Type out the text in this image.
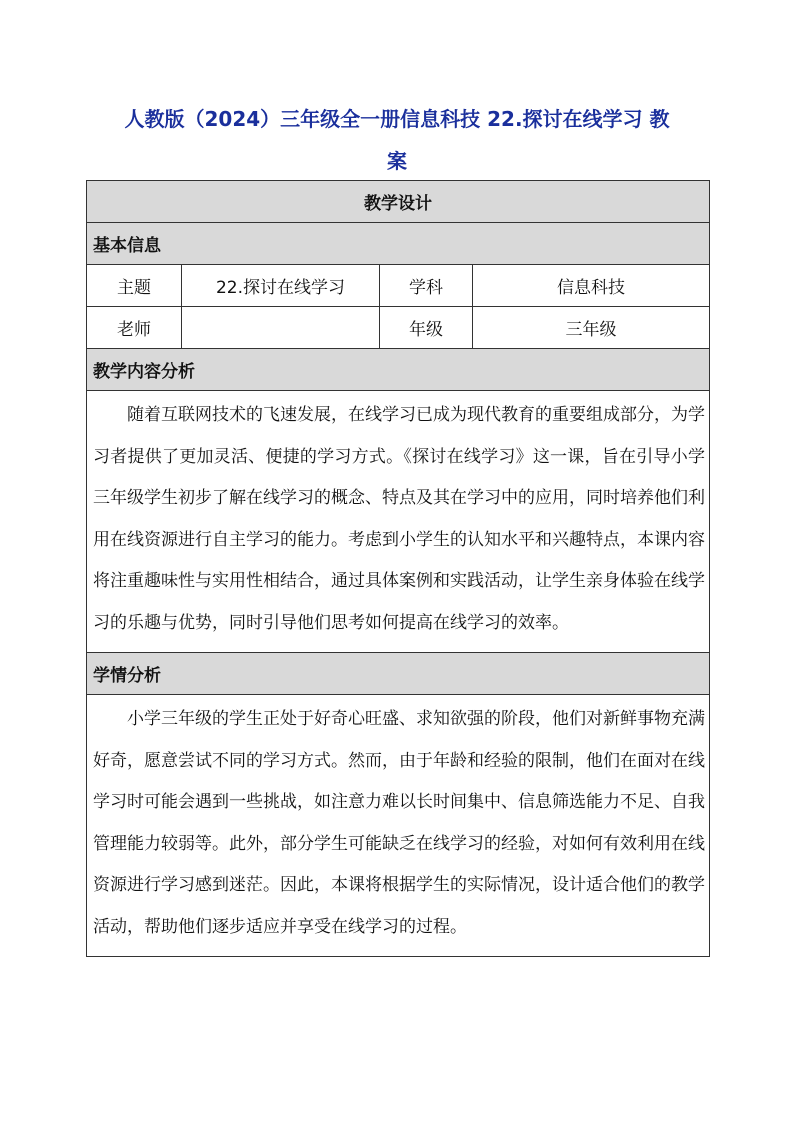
人教版（2024）三年级全一册信息科技 22.探讨在线学习 教

案

教学设计			
基本信息			
主题	22.探讨在线学习	学科	信息科技
老师		年级	三年级
教学内容分析			
随着互联网技术的飞速发展，在线学习已成为现代教育的重要组成部分，为学习者提供了更加灵活、便捷的学习方式。《探讨在线学习》这一课，旨在引导小学三年级学生初步了解在线学习的概念、特点及其在学习中的应用，同时培养他们利用在线资源进行自主学习的能力。考虑到小学生的认知水平和兴趣特点，本课内容将注重趣味性与实用性相结合，通过具体案例和实践活动，让学生亲身体验在线学习的乐趣与优势，同时引导他们思考如何提高在线学习的效率。			
学情分析			
小学三年级的学生正处于好奇心旺盛、求知欲强的阶段，他们对新鲜事物充满好奇，愿意尝试不同的学习方式。然而，由于年龄和经验的限制，他们在面对在线学习时可能会遇到一些挑战，如注意力难以长时间集中、信息筛选能力不足、自我管理能力较弱等。此外，部分学生可能缺乏在线学习的经验，对如何有效利用在线资源进行学习感到迷茫。因此，本课将根据学生的实际情况，设计适合他们的教学活动，帮助他们逐步适应并享受在线学习的过程。			
